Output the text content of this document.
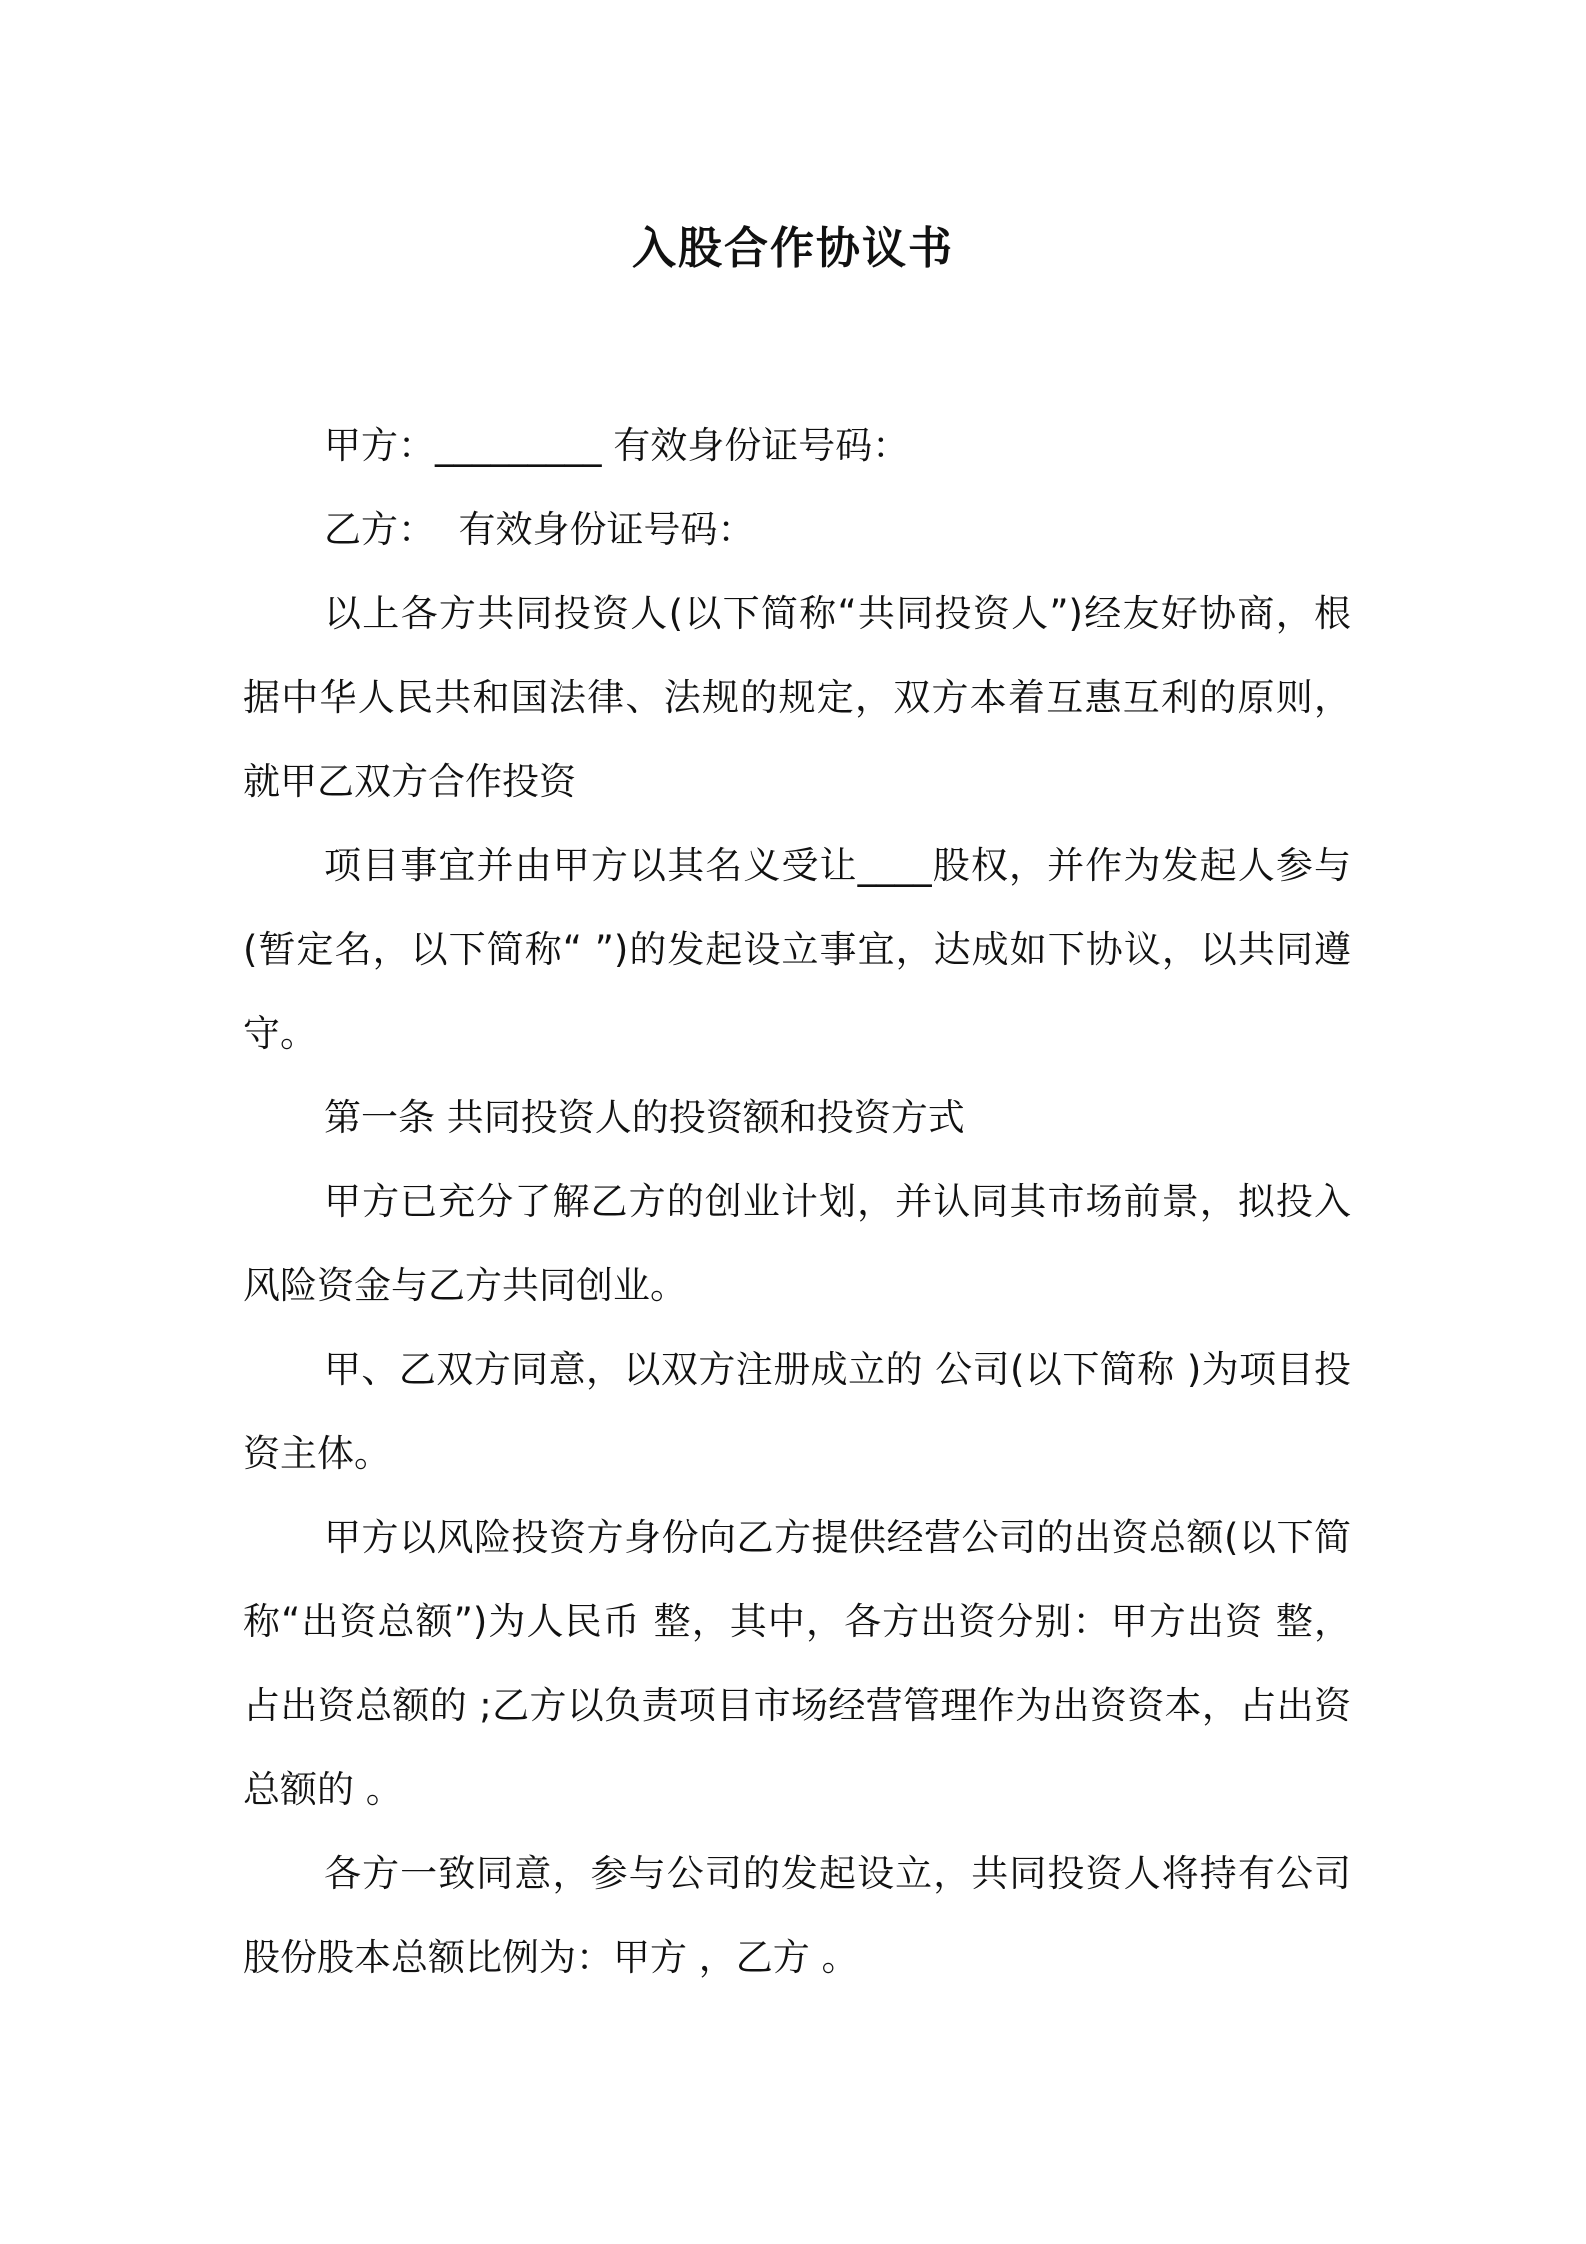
入股合作协议书

甲方：_________ 有效身份证号码：

乙方：  有效身份证号码：

以上各方共同投资人(以下简称“共同投资人”)经友好协商，根据中华人民共和国法律、法规的规定，双方本着互惠互利的原则，就甲乙双方合作投资

项目事宜并由甲方以其名义受让____股权，并作为发起人参与 (暂定名，以下简称“ ”)的发起设立事宜，达成如下协议，以共同遵守。

第一条 共同投资人的投资额和投资方式

甲方已充分了解乙方的创业计划，并认同其市场前景，拟投入风险资金与乙方共同创业。

甲、乙双方同意，以双方注册成立的 公司(以下简称 )为项目投资主体。

甲方以风险投资方身份向乙方提供经营公司的出资总额(以下简称“出资总额”)为人民币 整，其中，各方出资分别：甲方出资 整，占出资总额的 ;乙方以负责项目市场经营管理作为出资资本，占出资总额的 。

各方一致同意，参与公司的发起设立，共同投资人将持有公司股份股本总额比例为：甲方 ，乙方 。
